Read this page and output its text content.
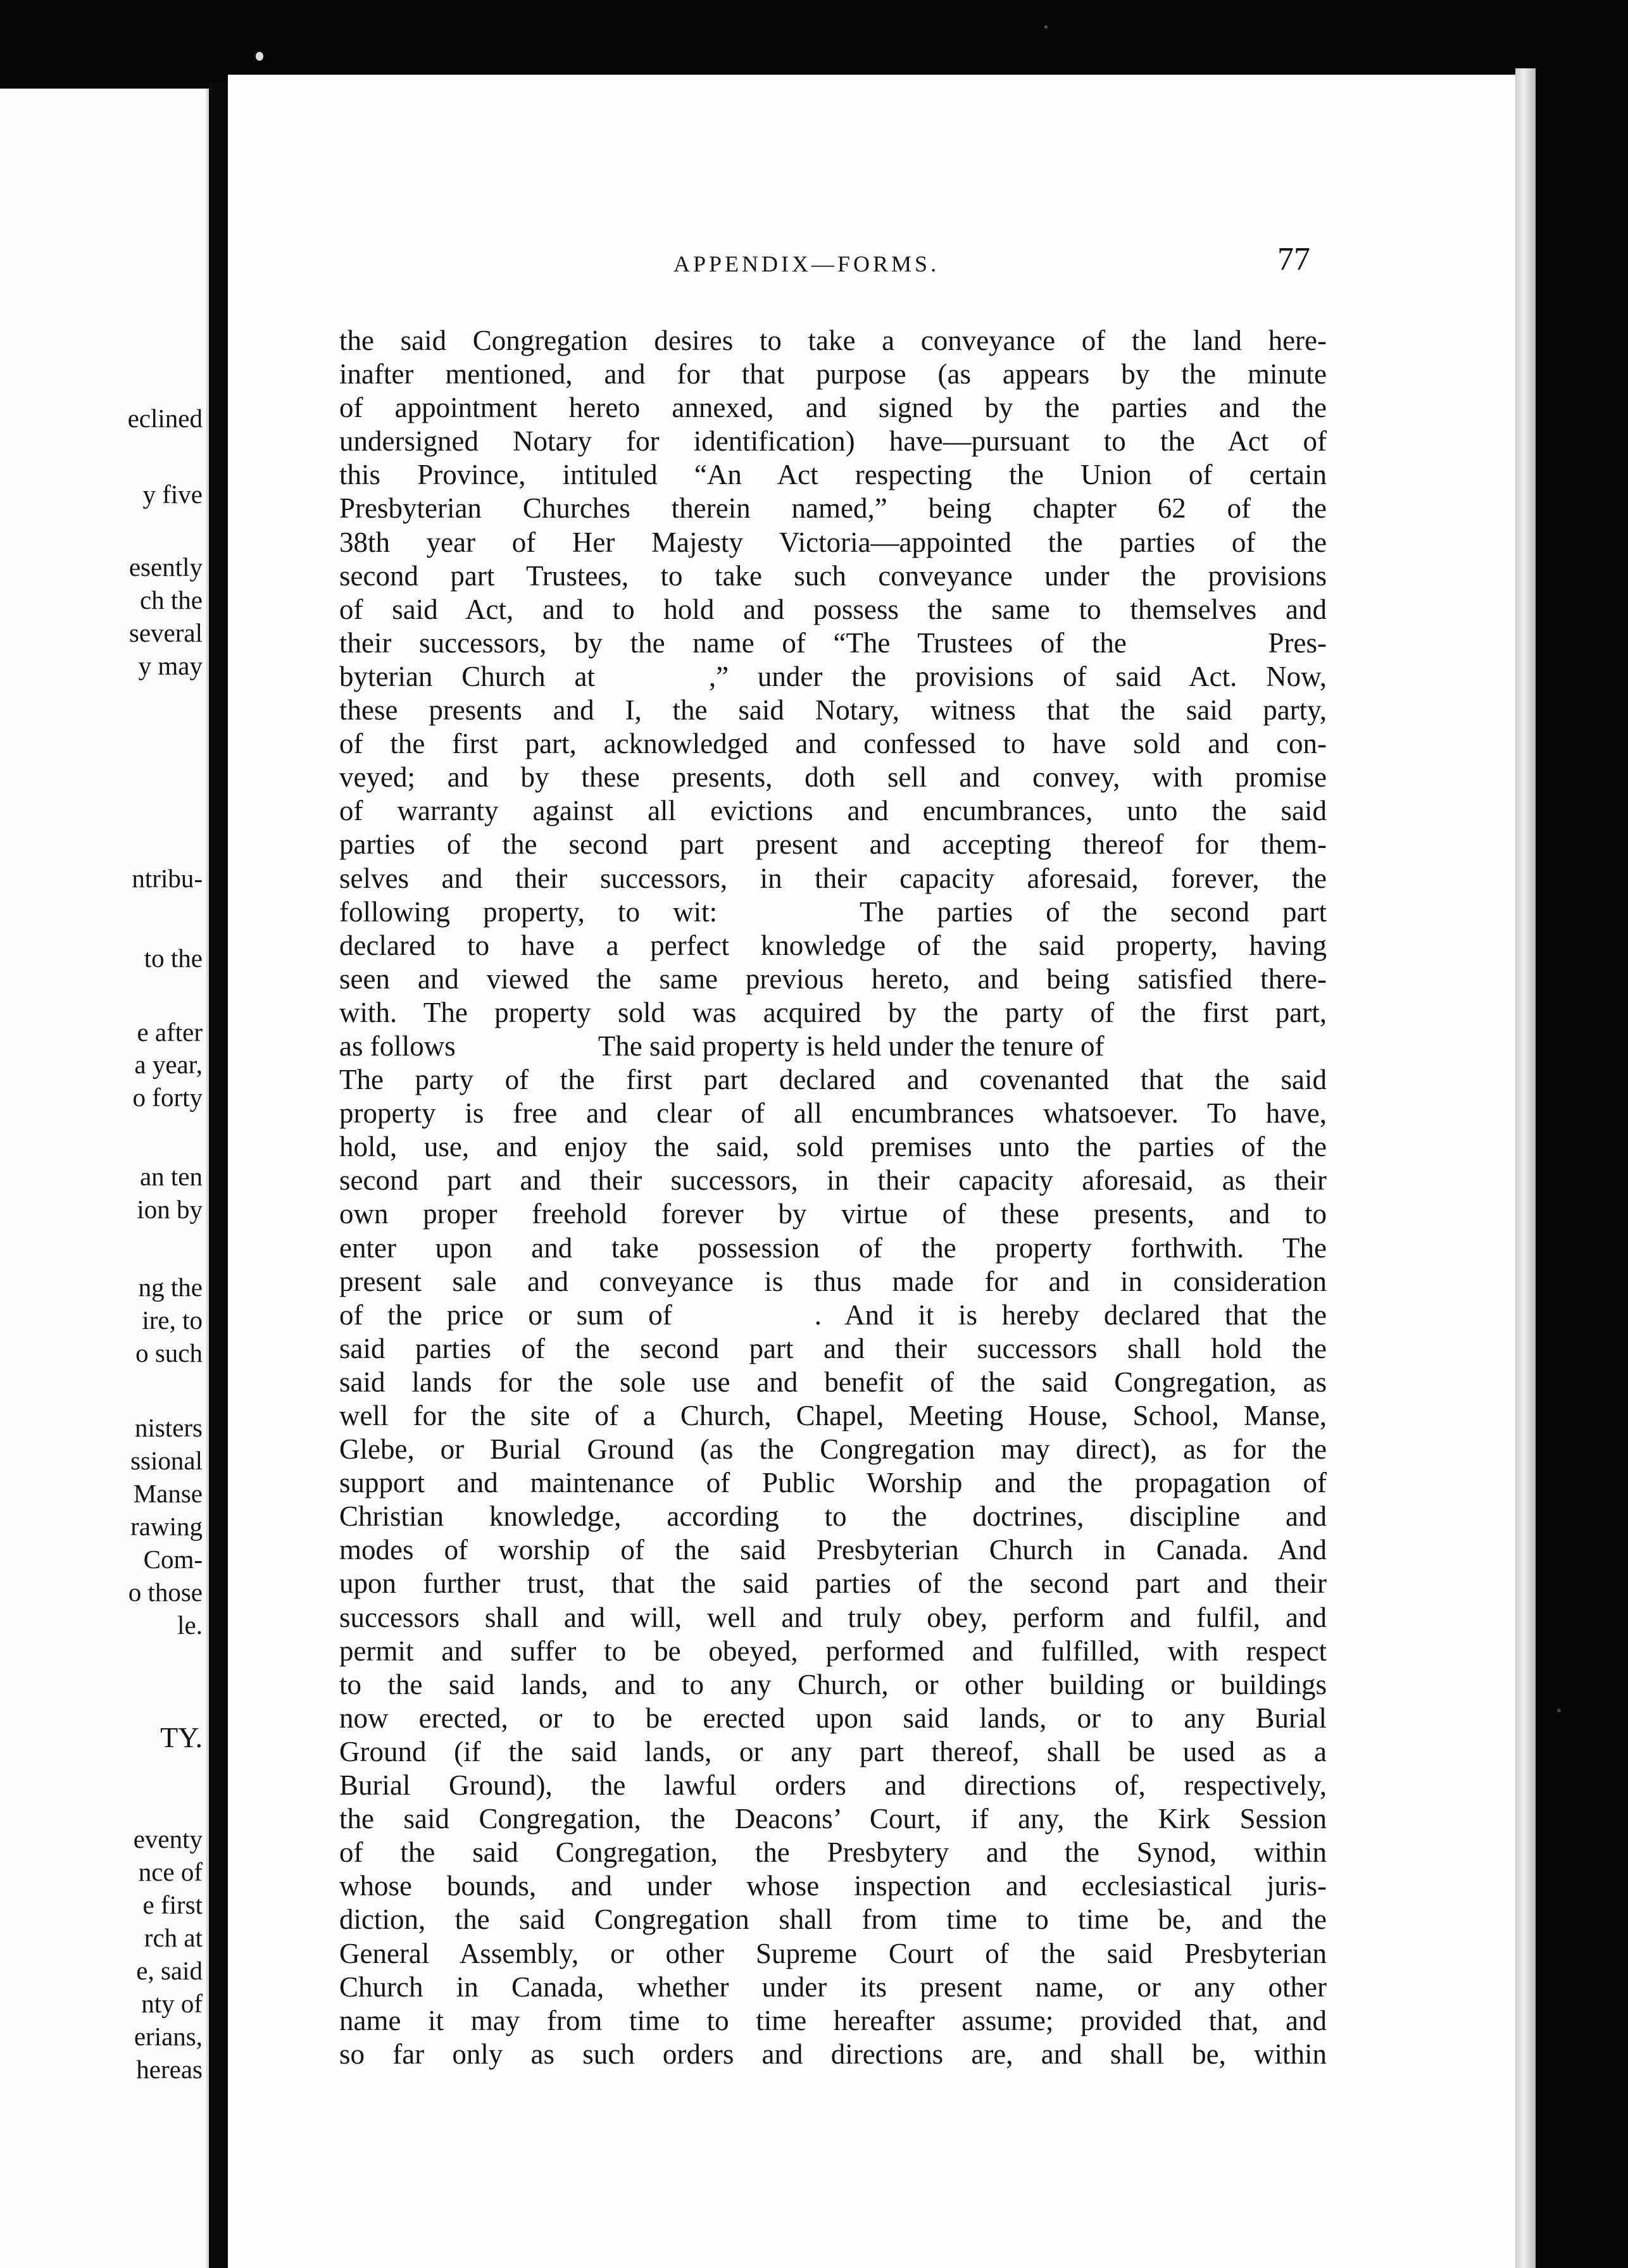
eclined
y five
esently
ch the
several
y may
ntribu-
to the
e after
a year,
o forty
an ten
ion by
ng the
ire, to
o such
nisters
ssional
Manse
rawing
Com-
o those
le.
TY.
eventy
nce of
e first
rch at
e, said
nty of
erians,
hereas
APPENDIX—FORMS.	77
the said Congregation desires to take a conveyance of the land here-
inafter mentioned, and for that purpose (as appears by the minute
of appointment hereto annexed, and signed by the parties and the
undersigned Notary for identification) have—pursuant to the Act of
this Province, intituled “An Act respecting the Union of certain
Presbyterian Churches therein named,” being chapter 62 of the
38th year of Her Majesty Victoria—appointed the parties of the
second part Trustees, to take such conveyance under the provisions
of said Act, and to hold and possess the same to themselves and
their successors, by the name of “The Trustees of the     Pres-
byterian Church at    ,” under the provisions of said Act. Now,
these presents and I, the said Notary, witness that the said party,
of the first part, acknowledged and confessed to have sold and con-
veyed; and by these presents, doth sell and convey, with promise
of warranty against all evictions and encumbrances, unto the said
parties of the second part present and accepting thereof for them-
selves and their successors, in their capacity aforesaid, forever, the
following property, to wit:     The parties of the second part
declared to have a perfect knowledge of the said property, having
seen and viewed the same previous hereto, and being satisfied there-
with. The property sold was acquired by the party of the first part,
as follows     The said property is held under the tenure of
The party of the first part declared and covenanted that the said
property is free and clear of all encumbrances whatsoever. To have,
hold, use, and enjoy the said, sold premises unto the parties of the
second part and their successors, in their capacity aforesaid, as their
own proper freehold forever by virtue of these presents, and to
enter upon and take possession of the property forthwith. The
present sale and conveyance is thus made for and in consideration
of the price or sum of     . And it is hereby declared that the
said parties of the second part and their successors shall hold the
said lands for the sole use and benefit of the said Congregation, as
well for the site of a Church, Chapel, Meeting House, School, Manse,
Glebe, or Burial Ground (as the Congregation may direct), as for the
support and maintenance of Public Worship and the propagation of
Christian knowledge, according to the doctrines, discipline and
modes of worship of the said Presbyterian Church in Canada. And
upon further trust, that the said parties of the second part and their
successors shall and will, well and truly obey, perform and fulfil, and
permit and suffer to be obeyed, performed and fulfilled, with respect
to the said lands, and to any Church, or other building or buildings
now erected, or to be erected upon said lands, or to any Burial
Ground (if the said lands, or any part thereof, shall be used as a
Burial Ground), the lawful orders and directions of, respectively,
the said Congregation, the Deacons’ Court, if any, the Kirk Session
of the said Congregation, the Presbytery and the Synod, within
whose bounds, and under whose inspection and ecclesiastical juris-
diction, the said Congregation shall from time to time be, and the
General Assembly, or other Supreme Court of the said Presbyterian
Church in Canada, whether under its present name, or any other
name it may from time to time hereafter assume; provided that, and
so far only as such orders and directions are, and shall be, within
